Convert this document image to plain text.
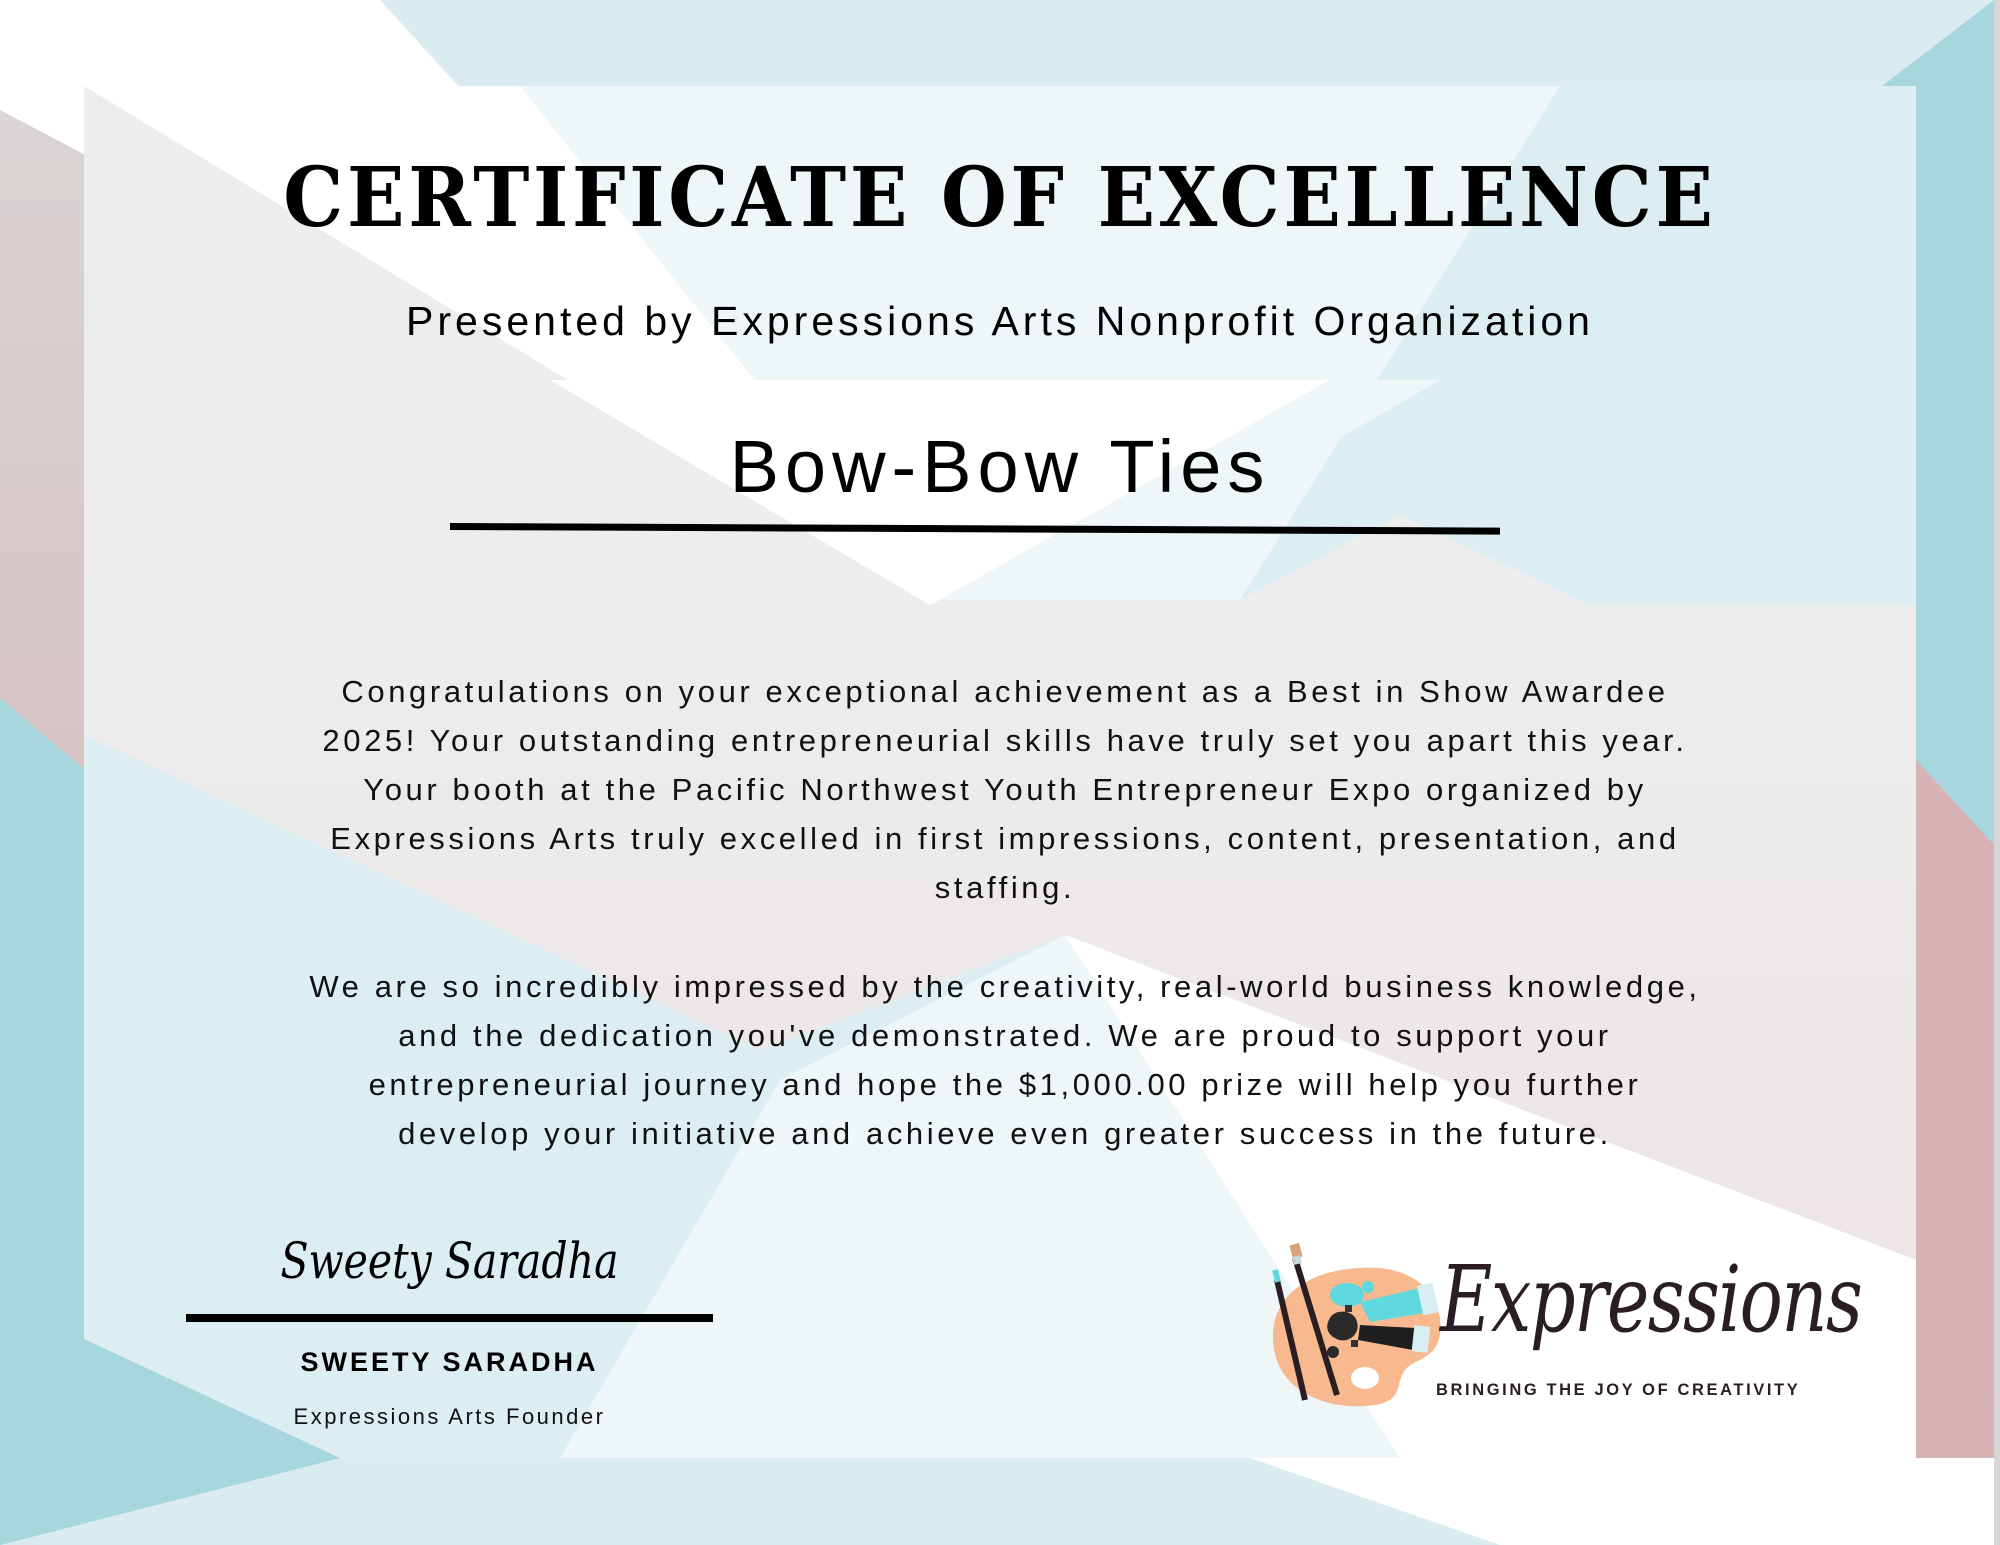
CERTIFICATE OF EXCELLENCE
Presented by Expressions Arts Nonprofit Organization
Bow-Bow Ties
Congratulations on your exceptional achievement as a Best in Show Awardee
2025! Your outstanding entrepreneurial skills have truly set you apart this year.
Your booth at the Pacific Northwest Youth Entrepreneur Expo organized by
Expressions Arts truly excelled in first impressions, content, presentation, and
staffing.
We are so incredibly impressed by the creativity, real-world business knowledge,
and the dedication you've demonstrated. We are proud to support your
entrepreneurial journey and hope the $1,000.00 prize will help you further
develop your initiative and achieve even greater success in the future.
Sweety Saradha
SWEETY SARADHA
Expressions Arts Founder
Expressions
BRINGING THE JOY OF CREATIVITY
